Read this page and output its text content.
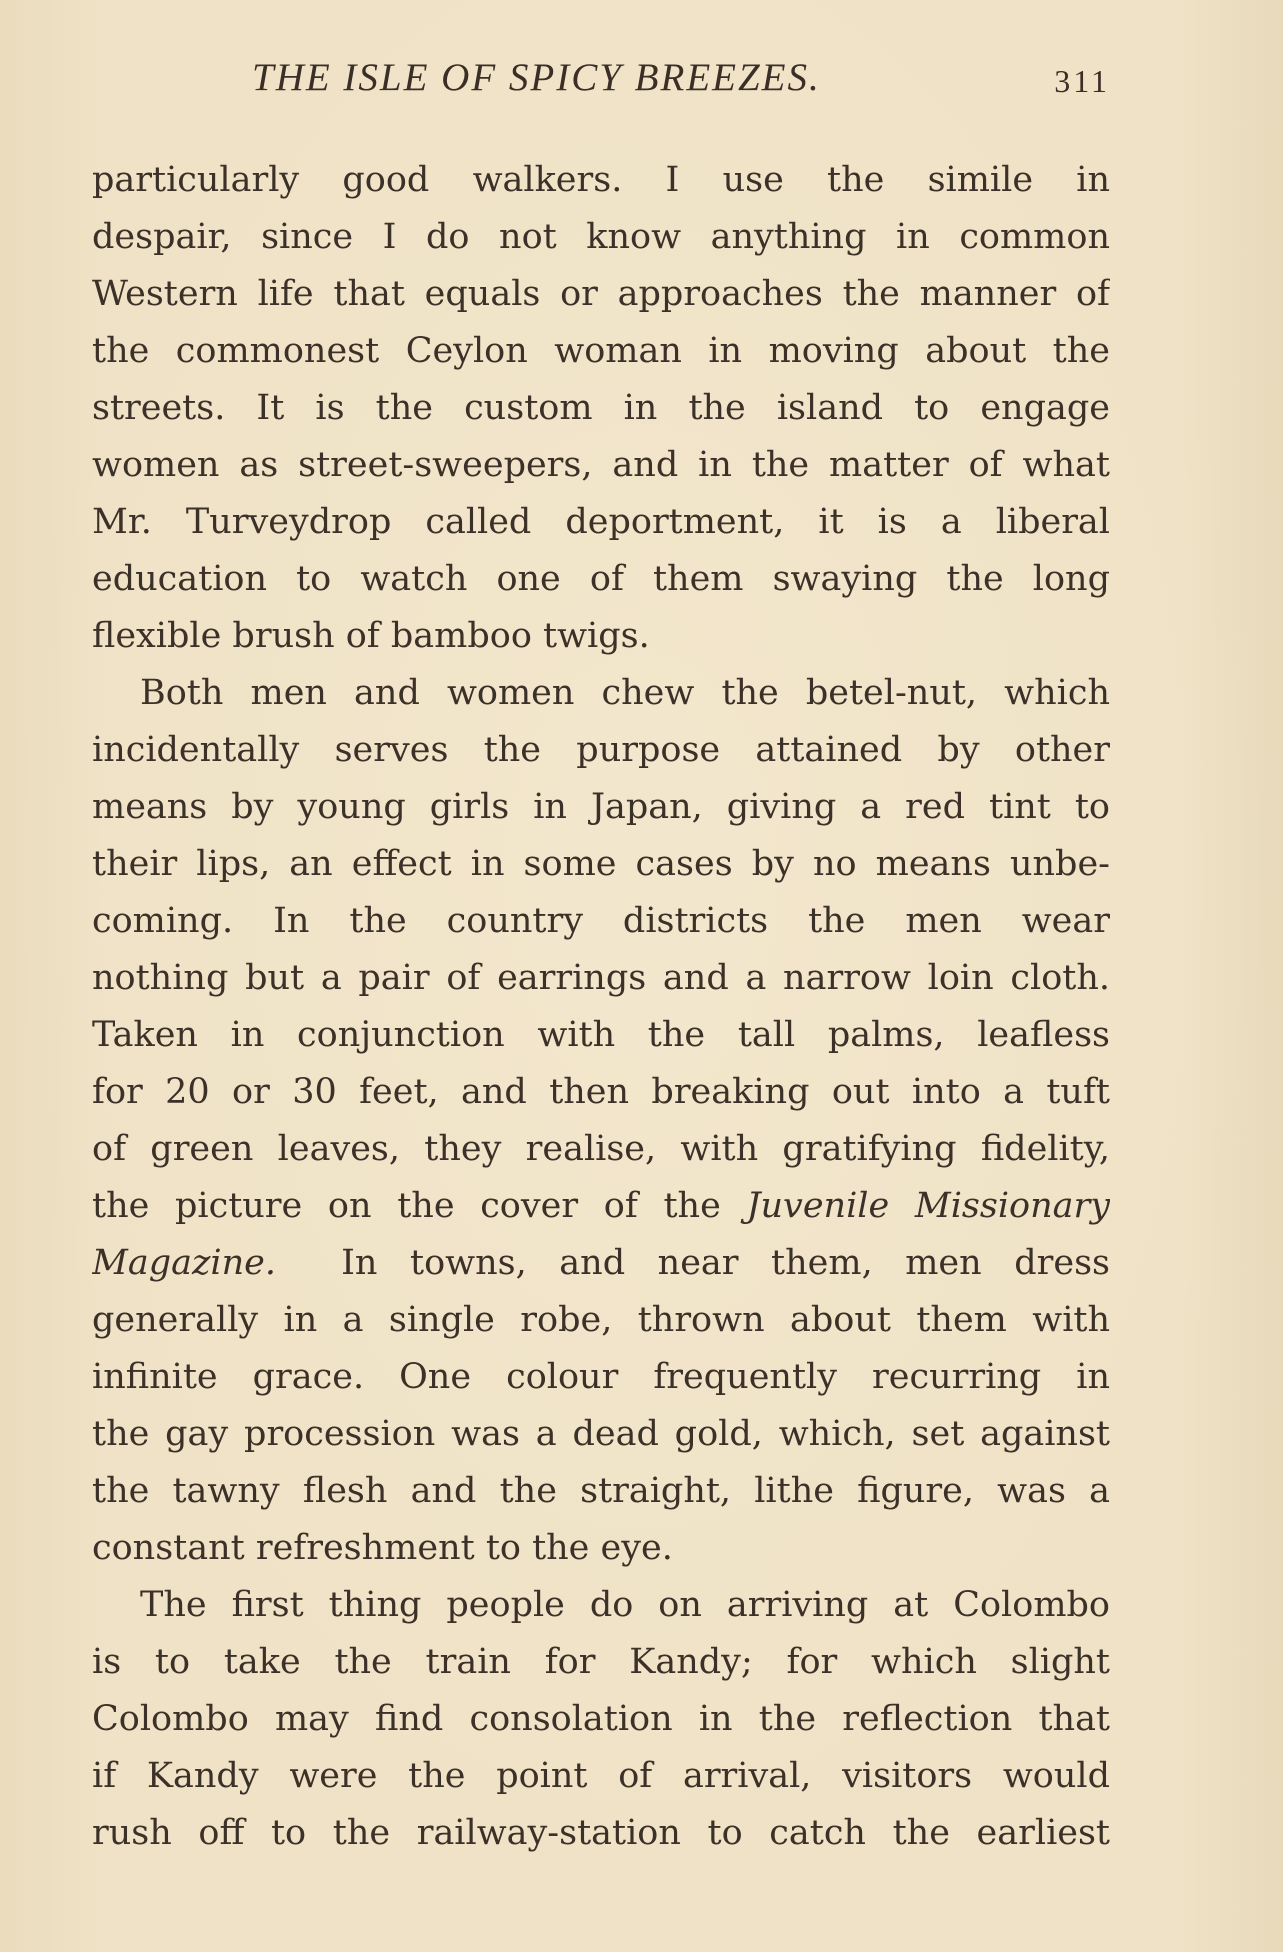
THE ISLE OF SPICY BREEZES.	311
particularly good walkers. I use the simile in
despair, since I do not know anything in common
Western life that equals or approaches the manner of
the commonest Ceylon woman in moving about the
streets. It is the custom in the island to engage
women as street-sweepers, and in the matter of what
Mr. Turveydrop called deportment, it is a liberal
education to watch one of them swaying the long
flexible brush of bamboo twigs.
Both men and women chew the betel-nut, which
incidentally serves the purpose attained by other
means by young girls in Japan, giving a red tint to
their lips, an effect in some cases by no means unbe-
coming. In the country districts the men wear
nothing but a pair of earrings and a narrow loin cloth.
Taken in conjunction with the tall palms, leafless
for 20 or 30 feet, and then breaking out into a tuft
of green leaves, they realise, with gratifying fidelity,
the picture on the cover of the Juvenile Missionary
Magazine. In towns, and near them, men dress
generally in a single robe, thrown about them with
infinite grace. One colour frequently recurring in
the gay procession was a dead gold, which, set against
the tawny flesh and the straight, lithe figure, was a
constant refreshment to the eye.
The first thing people do on arriving at Colombo
is to take the train for Kandy; for which slight
Colombo may find consolation in the reflection that
if Kandy were the point of arrival, visitors would
rush off to the railway-station to catch the earliest
